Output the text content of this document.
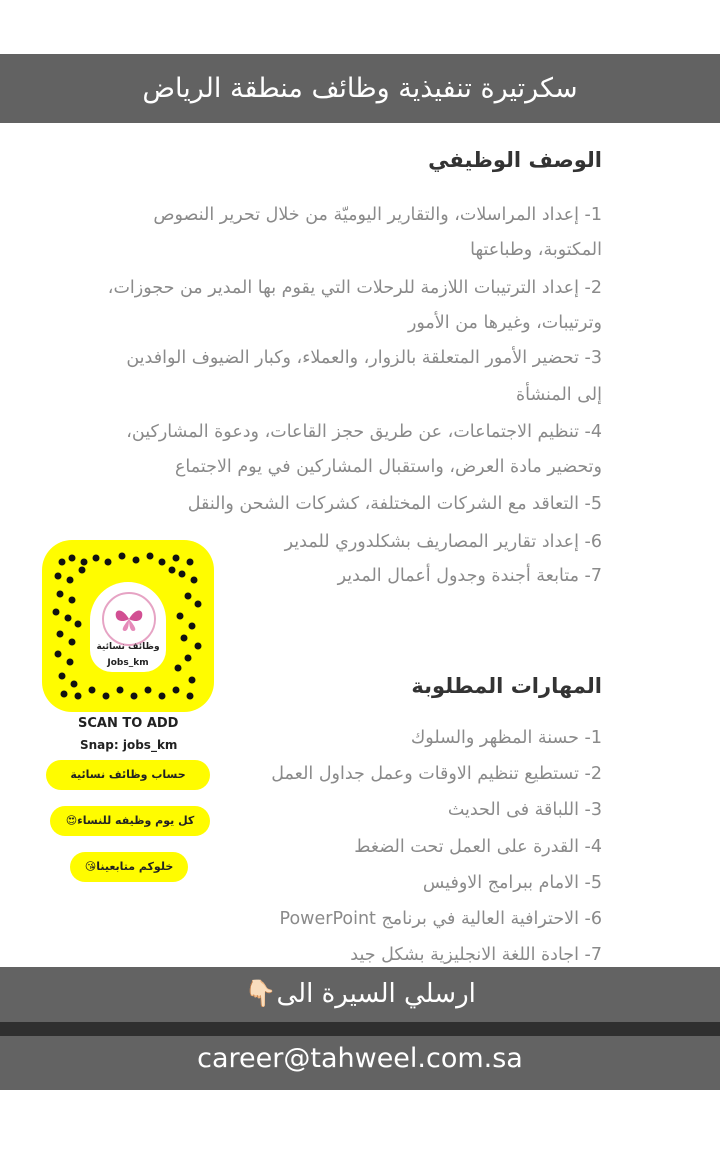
سكرتيرة تنفيذية وظائف منطقة الرياض
الوصف الوظيفي
1- إعداد المراسلات، والتقارير اليوميّة من خلال تحرير النصوص
المكتوبة، وطباعتها
2- إعداد الترتيبات اللازمة للرحلات التي يقوم بها المدير من حجوزات،
وترتيبات، وغيرها من الأمور
3- تحضير الأمور المتعلقة بالزوار، والعملاء، وكبار الضيوف الوافدين
إلى المنشأة
4- تنظيم الاجتماعات، عن طريق حجز القاعات، ودعوة المشاركين،
وتحضير مادة العرض، واستقبال المشاركين في يوم الاجتماع
5- التعاقد مع الشركات المختلفة، كشركات الشحن والنقل
6- إعداد تقارير المصاريف بشكلدوري للمدير
7- متابعة أجندة وجدول أعمال المدير
المهارات المطلوبة
1- حسنة المظهر والسلوك
2- تستطيع تنظيم الاوقات وعمل جداول العمل
3- اللباقة فى الحديث
4- القدرة على العمل تحت الضغط
5- الامام ببرامج الاوفيس
6- الاحترافية العالية في برنامج PowerPoint
7- اجادة اللغة الانجليزية بشكل جيد
وظائف نسائية
Jobs_km
SCAN TO ADD
Snap: jobs_km
حساب وظائف نسائية
كل يوم وظيفه للنساء😍
خلوكم متابعينا😘
ارسلي السيرة الى👇🏻
career@tahweel.com.sa
